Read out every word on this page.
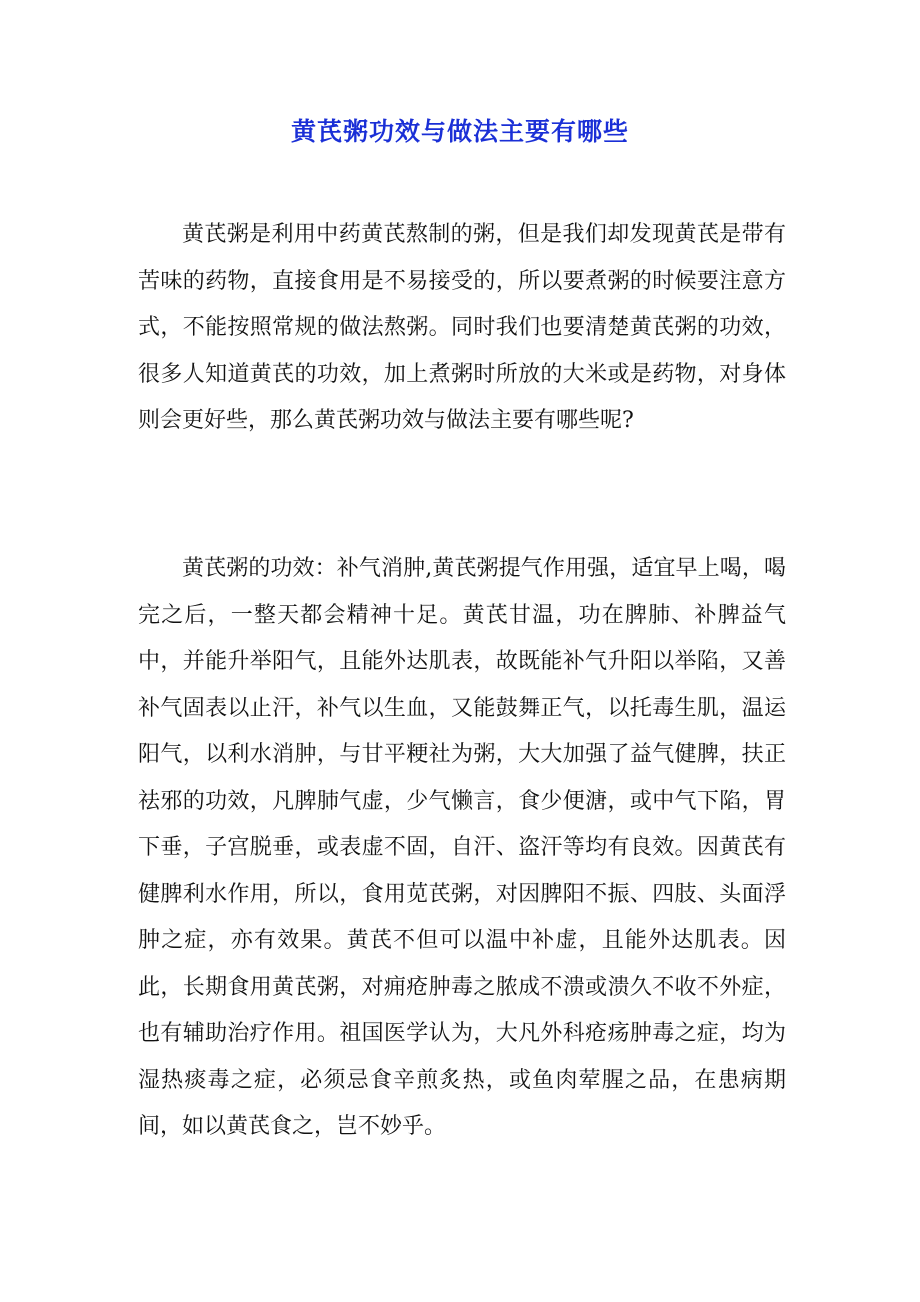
黄芪粥功效与做法主要有哪些

黄芪粥是利用中药黄芪熬制的粥，但是我们却发现黄芪是带有苦味的药物，直接食用是不易接受的，所以要煮粥的时候要注意方式，不能按照常规的做法熬粥。同时我们也要清楚黄芪粥的功效，很多人知道黄芪的功效，加上煮粥时所放的大米或是药物，对身体则会更好些，那么黄芪粥功效与做法主要有哪些呢?

黄芪粥的功效：补气消肿,黄芪粥提气作用强，适宜早上喝，喝完之后，一整天都会精神十足。黄芪甘温，功在脾肺、补脾益气中，并能升举阳气，且能外达肌表，故既能补气升阳以举陷，又善补气固表以止汗，补气以生血，又能鼓舞正气，以托毒生肌，温运阳气，以利水消肿，与甘平粳社为粥，大大加强了益气健脾，扶正祛邪的功效，凡脾肺气虚，少气懒言，食少便溏，或中气下陷，胃下垂，子宫脱垂，或表虚不固，自汗、盗汗等均有良效。因黄芪有健脾利水作用，所以，食用苋芪粥，对因脾阳不振、四肢、头面浮肿之症，亦有效果。黄芪不但可以温中补虚，且能外达肌表。因此，长期食用黄芪粥，对痈疮肿毒之脓成不溃或溃久不收不外症，也有辅助治疗作用。祖国医学认为，大凡外科疮疡肿毒之症，均为湿热痰毒之症，必须忌食辛煎炙热，或鱼肉荤腥之品，在患病期间，如以黄芪食之，岂不妙乎。
